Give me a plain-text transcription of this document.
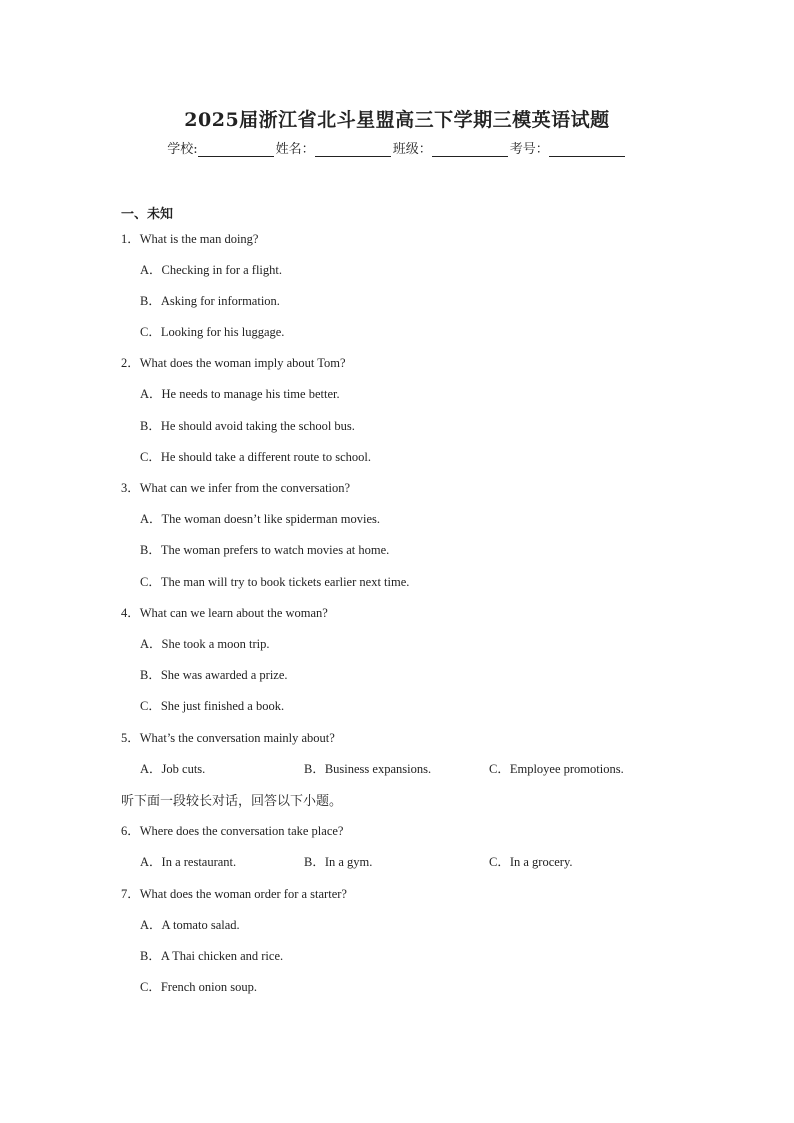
2025届浙江省北斗星盟高三下学期三模英语试题
学校:	姓名：	班级：	考号：
一、未知
1．What is the man doing?
A．Checking in for a flight.
B．Asking for information.
C．Looking for his luggage.
2．What does the woman imply about Tom?
A．He needs to manage his time better.
B．He should avoid taking the school bus.
C．He should take a different route to school.
3．What can we infer from the conversation?
A．The woman doesn’t like spiderman movies.
B．The woman prefers to watch movies at home.
C．The man will try to book tickets earlier next time.
4．What can we learn about the woman?
A．She took a moon trip.
B．She was awarded a prize.
C．She just finished a book.
5．What’s the conversation mainly about?
A．Job cuts.	B．Business expansions.	C．Employee promotions.
听下面一段较长对话，回答以下小题。
6．Where does the conversation take place?
A．In a restaurant.	B．In a gym.	C．In a grocery.
7．What does the woman order for a starter?
A．A tomato salad.
B．A Thai chicken and rice.
C．French onion soup.
